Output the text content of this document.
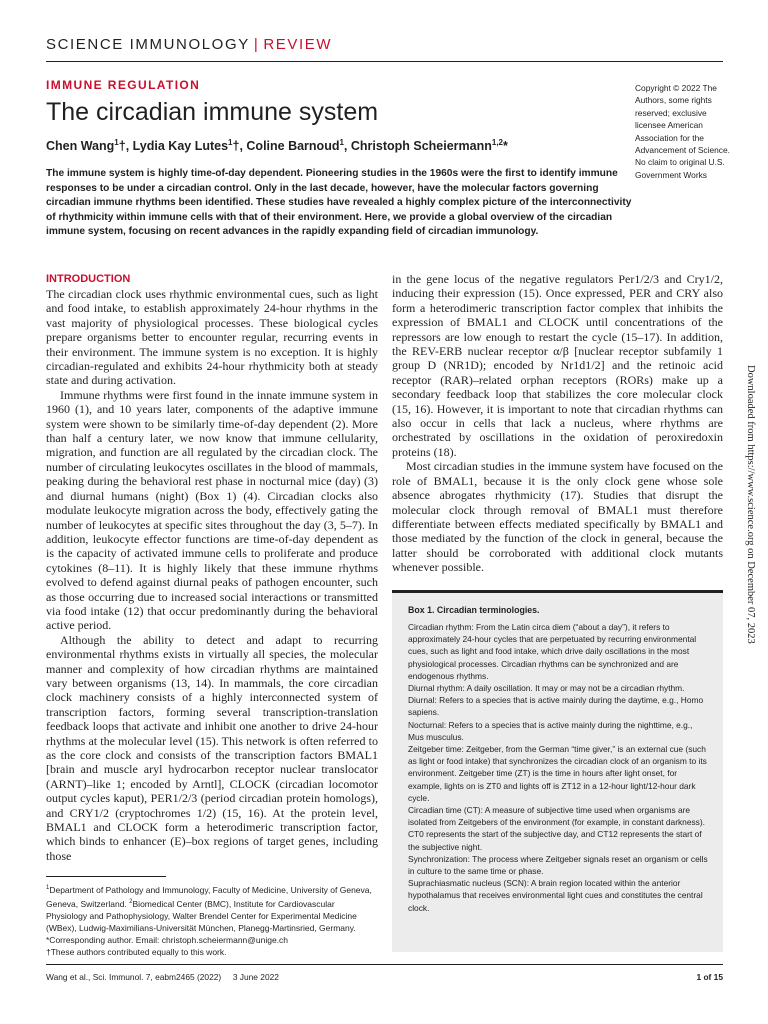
SCIENCE IMMUNOLOGY | REVIEW
IMMUNE REGULATION
The circadian immune system
Chen Wang$^1$†, Lydia Kay Lutes$^1$†, Coline Barnoud$^1$, Christoph Scheiermann$^{1,2}$*
Copyright © 2022 The Authors, some rights reserved; exclusive licensee American Association for the Advancement of Science. No claim to original U.S. Government Works
The immune system is highly time-of-day dependent. Pioneering studies in the 1960s were the first to identify immune responses to be under a circadian control. Only in the last decade, however, have the molecular factors governing circadian immune rhythms been identified. These studies have revealed a highly complex picture of the interconnectivity of rhythmicity within immune cells with that of their environment. Here, we provide a global overview of the circadian immune system, focusing on recent advances in the rapidly expanding field of circadian immunology.
INTRODUCTION

The circadian clock uses rhythmic environmental cues, such as light and food intake, to establish approximately 24-hour rhythms in the vast majority of physiological processes. These biological cycles prepare organisms better to encounter regular, recurring events in their environment. The immune system is no exception. It is highly circadian-regulated and exhibits 24-hour rhythmicity both at steady state and during activation.

Immune rhythms were first found in the innate immune system in 1960 (1), and 10 years later, components of the adaptive immune system were shown to be similarly time-of-day dependent (2). More than half a century later, we now know that immune cellularity, migration, and function are all regulated by the circadian clock. The number of circulating leukocytes oscillates in the blood of mammals, peaking during the behavioral rest phase in nocturnal mice (day) (3) and diurnal humans (night) (Box 1) (4). Circadian clocks also modulate leukocyte migration across the body, effectively gating the number of leukocytes at specific sites throughout the day (3, 5–7). In addition, leukocyte effector functions are time-of-day dependent as is the capacity of activated immune cells to proliferate and produce cytokines (8–11). It is highly likely that these immune rhythms evolved to defend against diurnal peaks of pathogen encounter, such as those occurring due to increased social interactions or transmitted via food intake (12) that occur predominantly during the behavioral active period.

Although the ability to detect and adapt to recurring environmental rhythms exists in virtually all species, the molecular manner and complexity of how circadian rhythms are maintained vary between organisms (13, 14). In mammals, the core circadian clock machinery consists of a highly interconnected system of transcription factors, forming several transcription-translation feedback loops that activate and inhibit one another to drive 24-hour rhythms at the molecular level (15). This network is often referred to as the core clock and consists of the transcription factors BMAL1 [brain and muscle aryl hydrocarbon receptor nuclear translocator (ARNT)–like 1; encoded by Arntl], CLOCK (circadian locomotor output cycles kaput), PER1/2/3 (period circadian protein homologs), and CRY1/2 (cryptochromes 1/2) (15, 16). At the protein level, BMAL1 and CLOCK form a heterodimeric transcription factor, which binds to enhancer (E)–box regions of target genes, including those

in the gene locus of the negative regulators Per1/2/3 and Cry1/2, inducing their expression (15). Once expressed, PER and CRY also form a heterodimeric transcription factor complex that inhibits the expression of BMAL1 and CLOCK until concentrations of the repressors are low enough to restart the cycle (15–17). In addition, the REV-ERB nuclear receptor α/β [nuclear receptor subfamily 1 group D (NR1D); encoded by Nr1d1/2] and the retinoic acid receptor (RAR)–related orphan receptors (RORs) make up a secondary feedback loop that stabilizes the core molecular clock (15, 16). However, it is important to note that circadian rhythms can also occur in cells that lack a nucleus, where rhythms are orchestrated by oscillations in the oxidation of peroxiredoxin proteins (18).

Most circadian studies in the immune system have focused on the role of BMAL1, because it is the only clock gene whose sole absence abrogates rhythmicity (17). Studies that disrupt the molecular clock through removal of BMAL1 must therefore differentiate between effects mediated specifically by BMAL1 and those mediated by the function of the clock in general, because the latter should be corroborated with additional clock mutants whenever possible.

Box 1. Circadian terminologies.
Circadian rhythm: From the Latin circa diem (“about a day”), it refers to approximately 24-hour cycles that are perpetuated by recurring environmental cues, such as light and food intake, which drive daily oscillations in the most physiological processes. Circadian rhythms can be synchronized and are endogenous rhythms.
Diurnal rhythm: A daily oscillation. It may or may not be a circadian rhythm.
Diurnal: Refers to a species that is active mainly during the daytime, e.g., Homo sapiens.
Nocturnal: Refers to a species that is active mainly during the nighttime, e.g., Mus musculus.
Zeitgeber time: Zeitgeber, from the German “time giver,” is an external cue (such as light or food intake) that synchronizes the circadian clock of an organism to its environment. Zeitgeber time (ZT) is the time in hours after light onset, for example, lights on is ZT0 and lights off is ZT12 in a 12-hour light/12-hour dark cycle.
Circadian time (CT): A measure of subjective time used when organisms are isolated from Zeitgebers of the environment (for example, in constant darkness). CT0 represents the start of the subjective day, and CT12 represents the start of the subjective night.
Synchronization: The process where Zeitgeber signals reset an organism or cells in culture to the same time or phase.
Suprachiasmatic nucleus (SCN): A brain region located within the anterior hypothalamus that receives environmental light cues and constitutes the central clock.
$^1$Department of Pathology and Immunology, Faculty of Medicine, University of Geneva, Geneva, Switzerland. $^2$Biomedical Center (BMC), Institute for Cardiovascular Physiology and Pathophysiology, Walter Brendel Center for Experimental Medicine (WBex), Ludwig-Maximilians-Universität München, Planegg-Martinsried, Germany.
*Corresponding author. Email: christoph.scheiermann@unige.ch
†These authors contributed equally to this work.
Wang et al., Sci. Immunol. 7, eabm2465 (2022)     3 June 2022	1 of 15
Downloaded from https://www.science.org on December 07, 2023
